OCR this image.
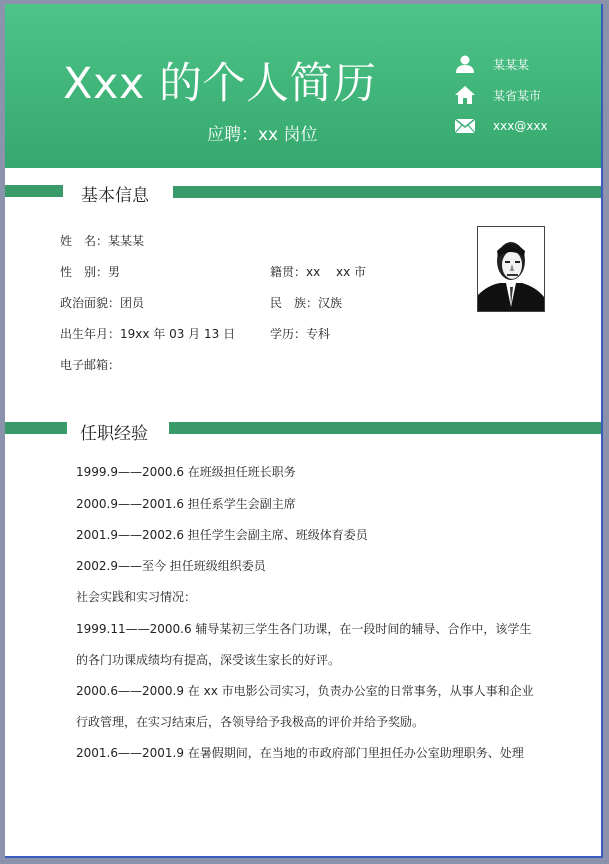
Xxx 的个人简历
应聘：xx 岗位
某某某
某省某市
xxx@xxx
基本信息
姓　名：某某某
性　别：男	籍贯：xx　 xx 市
政治面貌：团员	民　族：汉族
出生年月：19xx 年 03 月 13 日	学历：专科
电子邮箱：
任职经验
1999.9——2000.6 在班级担任班长职务
2000.9——2001.6 担任系学生会副主席
2001.9——2002.6 担任学生会副主席、班级体育委员
2002.9——至今 担任班级组织委员
社会实践和实习情况：
1999.11——2000.6 辅导某初三学生各门功课，在一段时间的辅导、合作中，该学生
的各门功课成绩均有提高，深受该生家长的好评。
2000.6——2000.9 在 xx 市电影公司实习，负责办公室的日常事务，从事人事和企业
行政管理，在实习结束后，各领导给予我极高的评价并给予奖励。
2001.6——2001.9 在暑假期间，在当地的市政府部门里担任办公室助理职务、处理
